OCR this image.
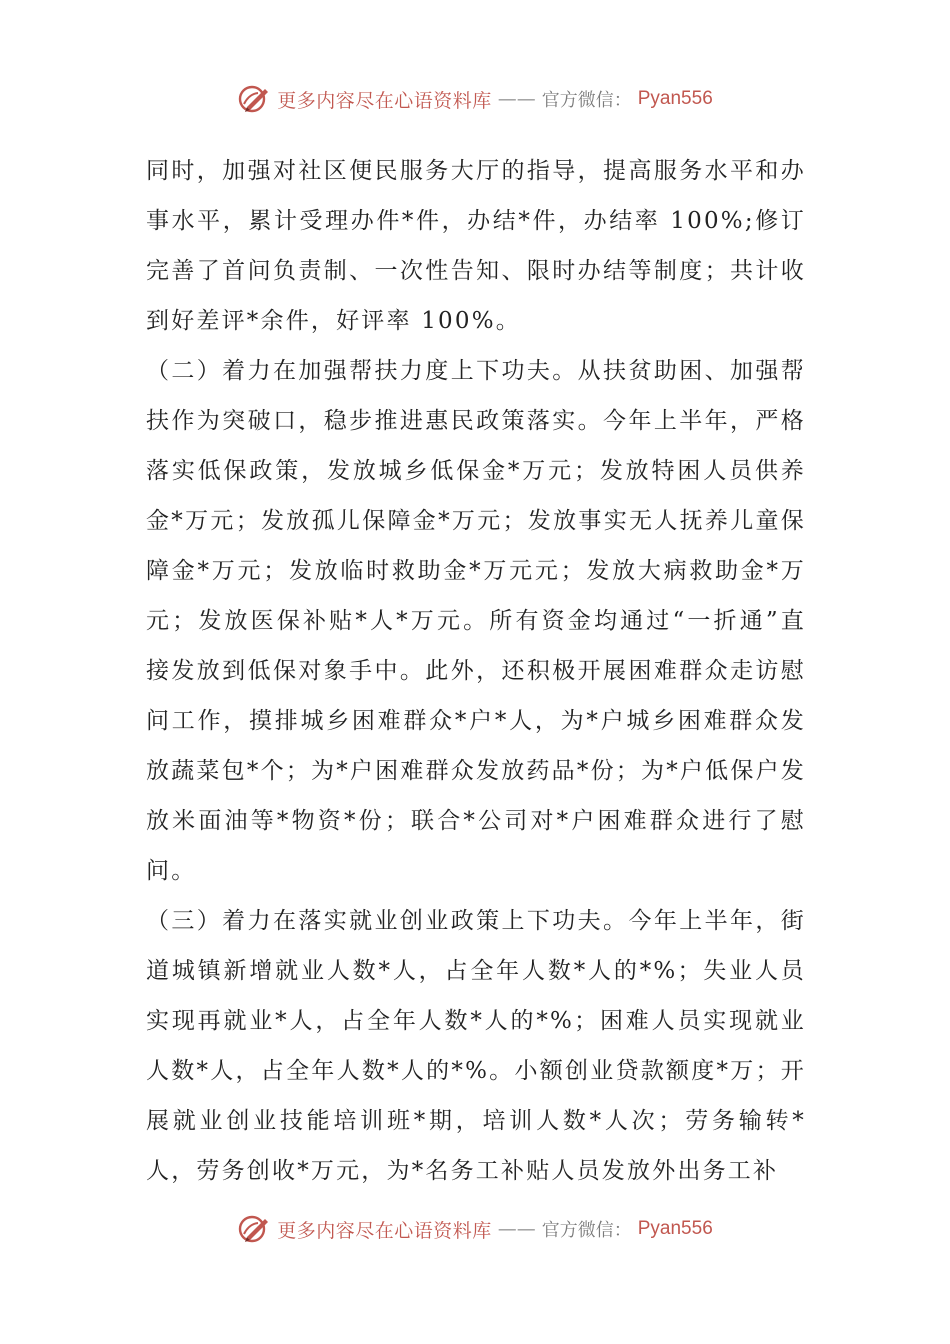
更多内容尽在心语资料库 —— 官方微信： Pyan556

同时，加强对社区便民服务大厅的指导，提高服务水平和办事水平，累计受理办件*件，办结*件，办结率 100%;修订完善了首问负责制、一次性告知、限时办结等制度；共计收到好差评*余件，好评率 100%。

（二）着力在加强帮扶力度上下功夫。从扶贫助困、加强帮扶作为突破口，稳步推进惠民政策落实。今年上半年，严格落实低保政策，发放城乡低保金*万元；发放特困人员供养金*万元；发放孤儿保障金*万元；发放事实无人抚养儿童保障金*万元；发放临时救助金*万元元；发放大病救助金*万元；发放医保补贴*人*万元。所有资金均通过“一折通”直接发放到低保对象手中。此外，还积极开展困难群众走访慰问工作，摸排城乡困难群众*户*人，为*户城乡困难群众发放蔬菜包*个；为*户困难群众发放药品*份；为*户低保户发放米面油等*物资*份；联合*公司对*户困难群众进行了慰问。

（三）着力在落实就业创业政策上下功夫。今年上半年，街道城镇新增就业人数*人，占全年人数*人的*%；失业人员实现再就业*人，占全年人数*人的*%；困难人员实现就业人数*人，占全年人数*人的*%。小额创业贷款额度*万；开展就业创业技能培训班*期，培训人数*人次；劳务输转*人，劳务创收*万元，为*名务工补贴人员发放外出务工补

更多内容尽在心语资料库 —— 官方微信： Pyan556
